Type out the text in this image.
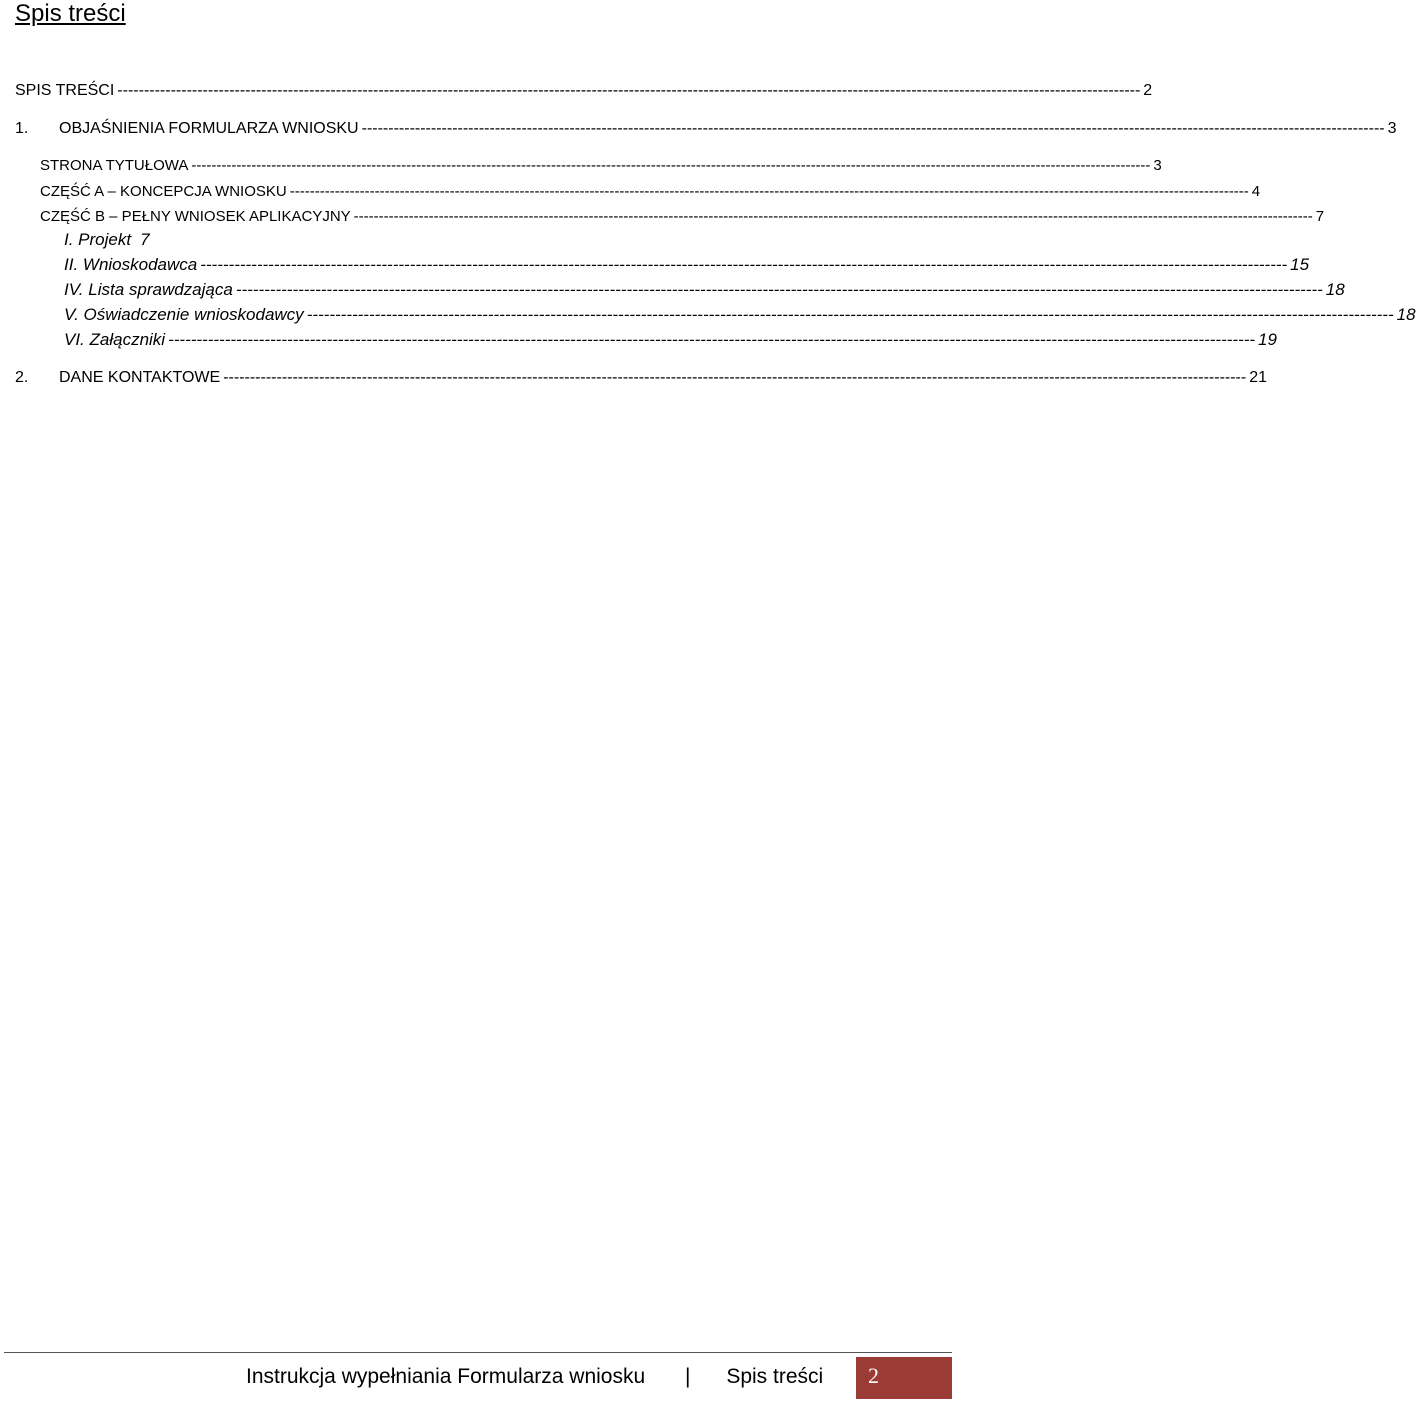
Spis treści
SPIS TREŚCI ------------------------------------------------------------------------------------------------------------------------------------------------------------------------------------------------ 2
1.	OBJAŚNIENIA FORMULARZA WNIOSKU ------------------------------------------------------------------------------------------------------------------------------------------------------------------------------------------------ 3
STRONA TYTUŁOWA ------------------------------------------------------------------------------------------------------------------------------------------------------------------------------------------------ 3
CZĘŚĆ A – KONCEPCJA WNIOSKU ------------------------------------------------------------------------------------------------------------------------------------------------------------------------------------------------ 4
CZĘŚĆ B – PEŁNY WNIOSEK APLIKACYJNY ------------------------------------------------------------------------------------------------------------------------------------------------------------------------------------------------ 7
I. Projekt 7
II. Wnioskodawca ------------------------------------------------------------------------------------------------------------------------------------------------------------------------------------------------ 15
IV. Lista sprawdzająca ------------------------------------------------------------------------------------------------------------------------------------------------------------------------------------------------ 18
V. Oświadczenie wnioskodawcy ------------------------------------------------------------------------------------------------------------------------------------------------------------------------------------------------ 18
VI. Załączniki ------------------------------------------------------------------------------------------------------------------------------------------------------------------------------------------------ 19
2.	DANE KONTAKTOWE ------------------------------------------------------------------------------------------------------------------------------------------------------------------------------------------------ 21
Instrukcja wypełniania Formularza wniosku | Spis treści 2
